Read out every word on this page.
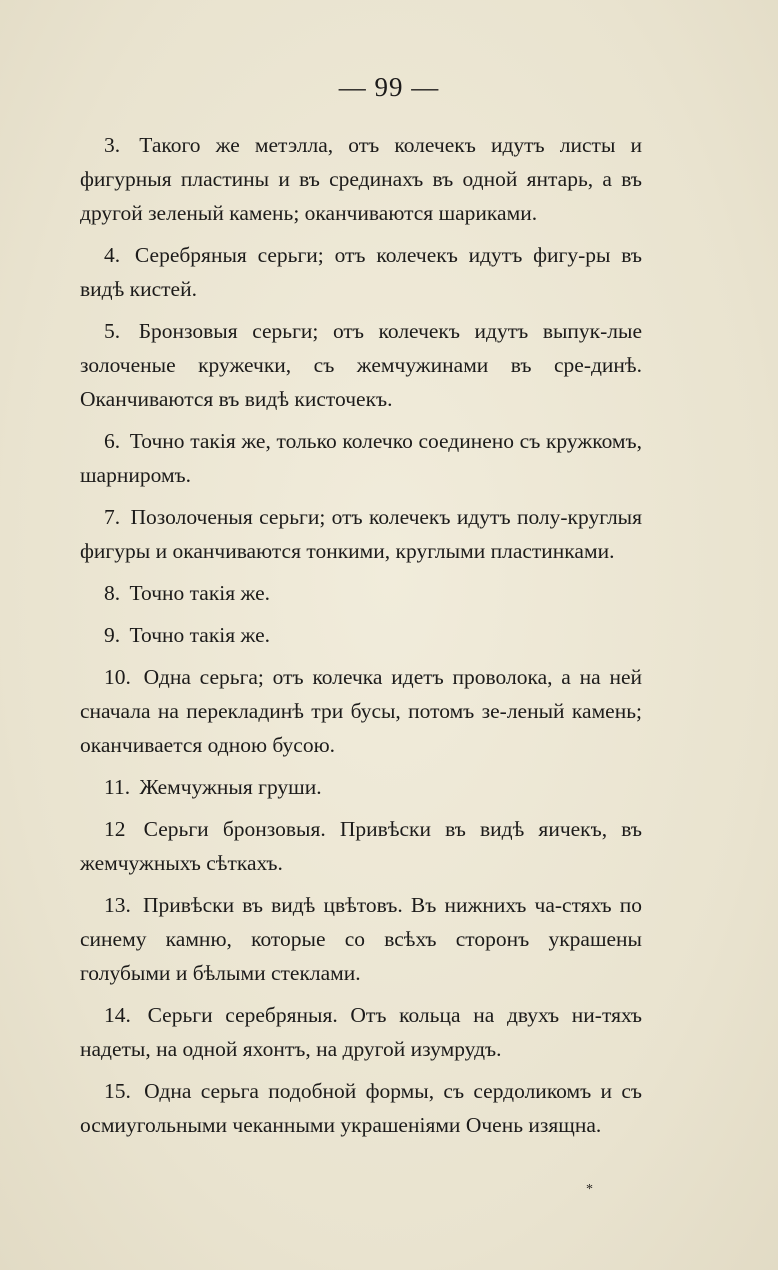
— 99 —

3. Такого же метэлла, отъ колечекъ идутъ листы и фигурныя пластины и въ срединахъ въ одной янтарь, а въ другой зеленый камень; оканчиваются шариками.

4. Серебряныя серьги; отъ колечекъ идутъ фигу-ры въ видѣ кистей.

5. Бронзовыя серьги; отъ колечекъ идутъ выпук-лые золоченые кружечки, съ жемчужинами въ сре-динѣ. Оканчиваются въ видѣ кисточекъ.

6. Точно такія же, только колечко соединено съ кружкомъ, шарниромъ.

7. Позолоченыя серьги; отъ колечекъ идутъ полу-круглыя фигуры и оканчиваются тонкими, круглыми пластинками.

8. Точно такія же.

9. Точно такія же.

10. Одна серьга; отъ колечка идетъ проволока, а на ней сначала на перекладинѣ три бусы, потомъ зе-леный камень; оканчивается одною бусою.

11. Жемчужныя груши.

12 Серьги бронзовыя. Привѣски въ видѣ яичекъ, въ жемчужныхъ сѣткахъ.

13. Привѣски въ видѣ цвѣтовъ. Въ нижнихъ ча-стяхъ по синему камню, которые со всѣхъ сторонъ украшены голубыми и бѣлыми стеклами.

14. Серьги серебряныя. Отъ кольца на двухъ ни-тяхъ надеты, на одной яхонтъ, на другой изумрудъ.

15. Одна серьга подобной формы, съ сердоликомъ и съ осмиугольными чеканными украшеніями Очень изящна.

*
